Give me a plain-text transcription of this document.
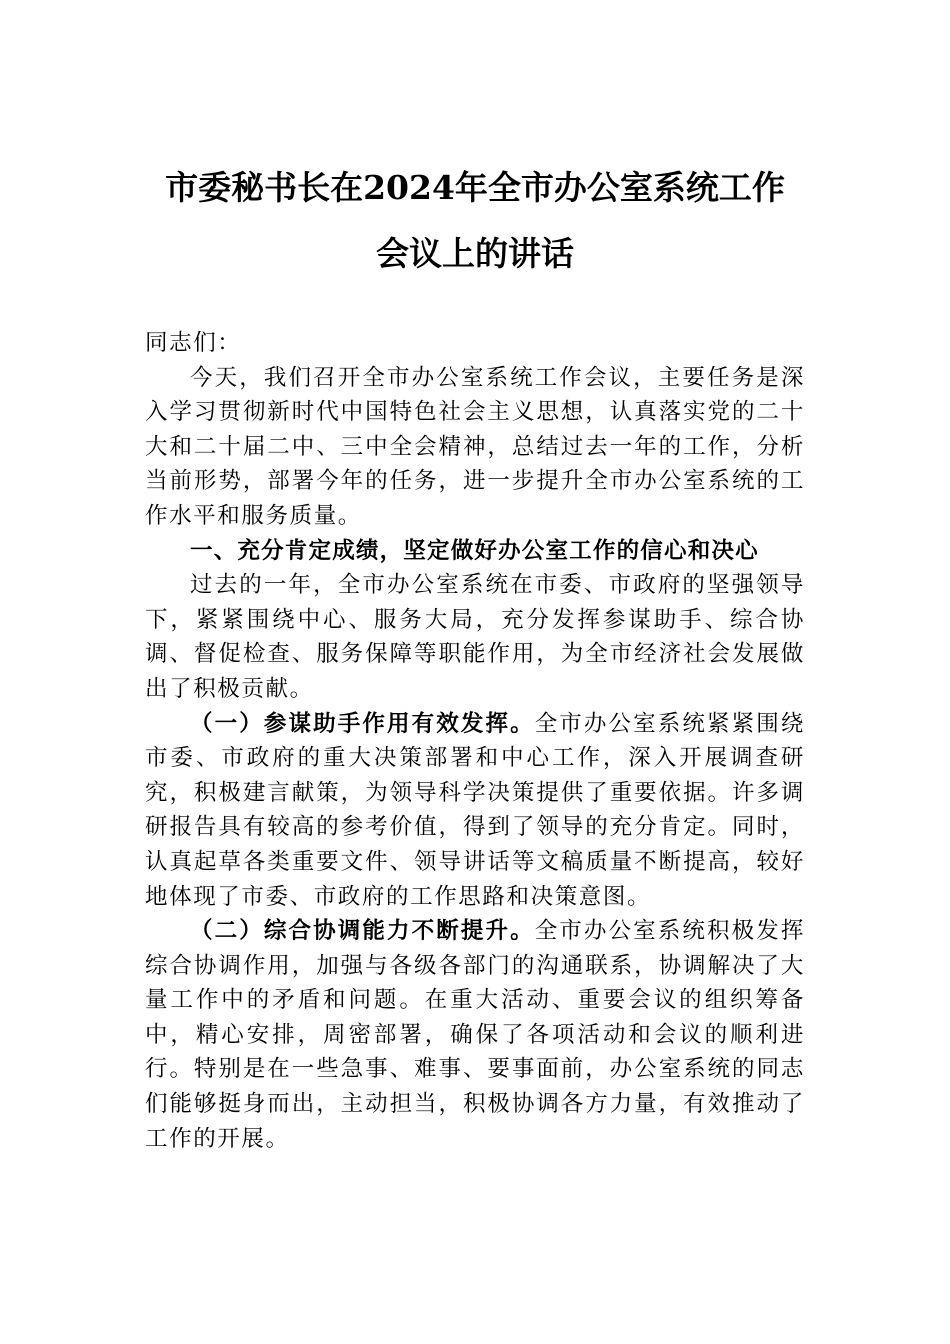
市委秘书长在2024年全市办公室系统工作
会议上的讲话

同志们：

今天，我们召开全市办公室系统工作会议，主要任务是深入学习贯彻新时代中国特色社会主义思想，认真落实党的二十大和二十届二中、三中全会精神，总结过去一年的工作，分析当前形势，部署今年的任务，进一步提升全市办公室系统的工作水平和服务质量。

一、充分肯定成绩，坚定做好办公室工作的信心和决心

过去的一年，全市办公室系统在市委、市政府的坚强领导下，紧紧围绕中心、服务大局，充分发挥参谋助手、综合协调、督促检查、服务保障等职能作用，为全市经济社会发展做出了积极贡献。

（一）参谋助手作用有效发挥。全市办公室系统紧紧围绕市委、市政府的重大决策部署和中心工作，深入开展调查研究，积极建言献策，为领导科学决策提供了重要依据。许多调研报告具有较高的参考价值，得到了领导的充分肯定。同时，认真起草各类重要文件、领导讲话等文稿质量不断提高，较好地体现了市委、市政府的工作思路和决策意图。

（二）综合协调能力不断提升。全市办公室系统积极发挥综合协调作用，加强与各级各部门的沟通联系，协调解决了大量工作中的矛盾和问题。在重大活动、重要会议的组织筹备中，精心安排，周密部署，确保了各项活动和会议的顺利进行。特别是在一些急事、难事、要事面前，办公室系统的同志们能够挺身而出，主动担当，积极协调各方力量，有效推动了工作的开展。
